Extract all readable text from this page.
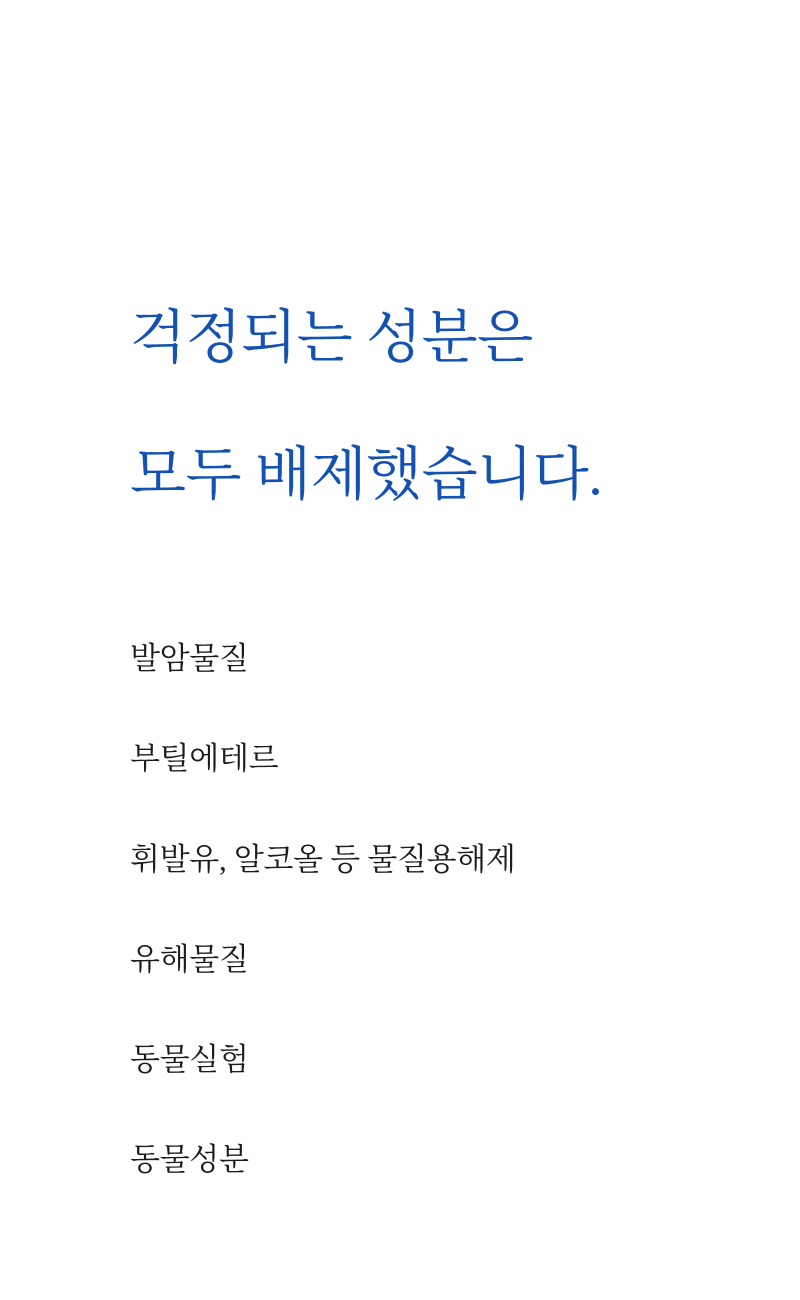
걱정되는 성분은

모두 배제했습니다.

발암물질
부틸에테르
휘발유, 알코올 등 물질용해제
유해물질
동물실험
동물성분
